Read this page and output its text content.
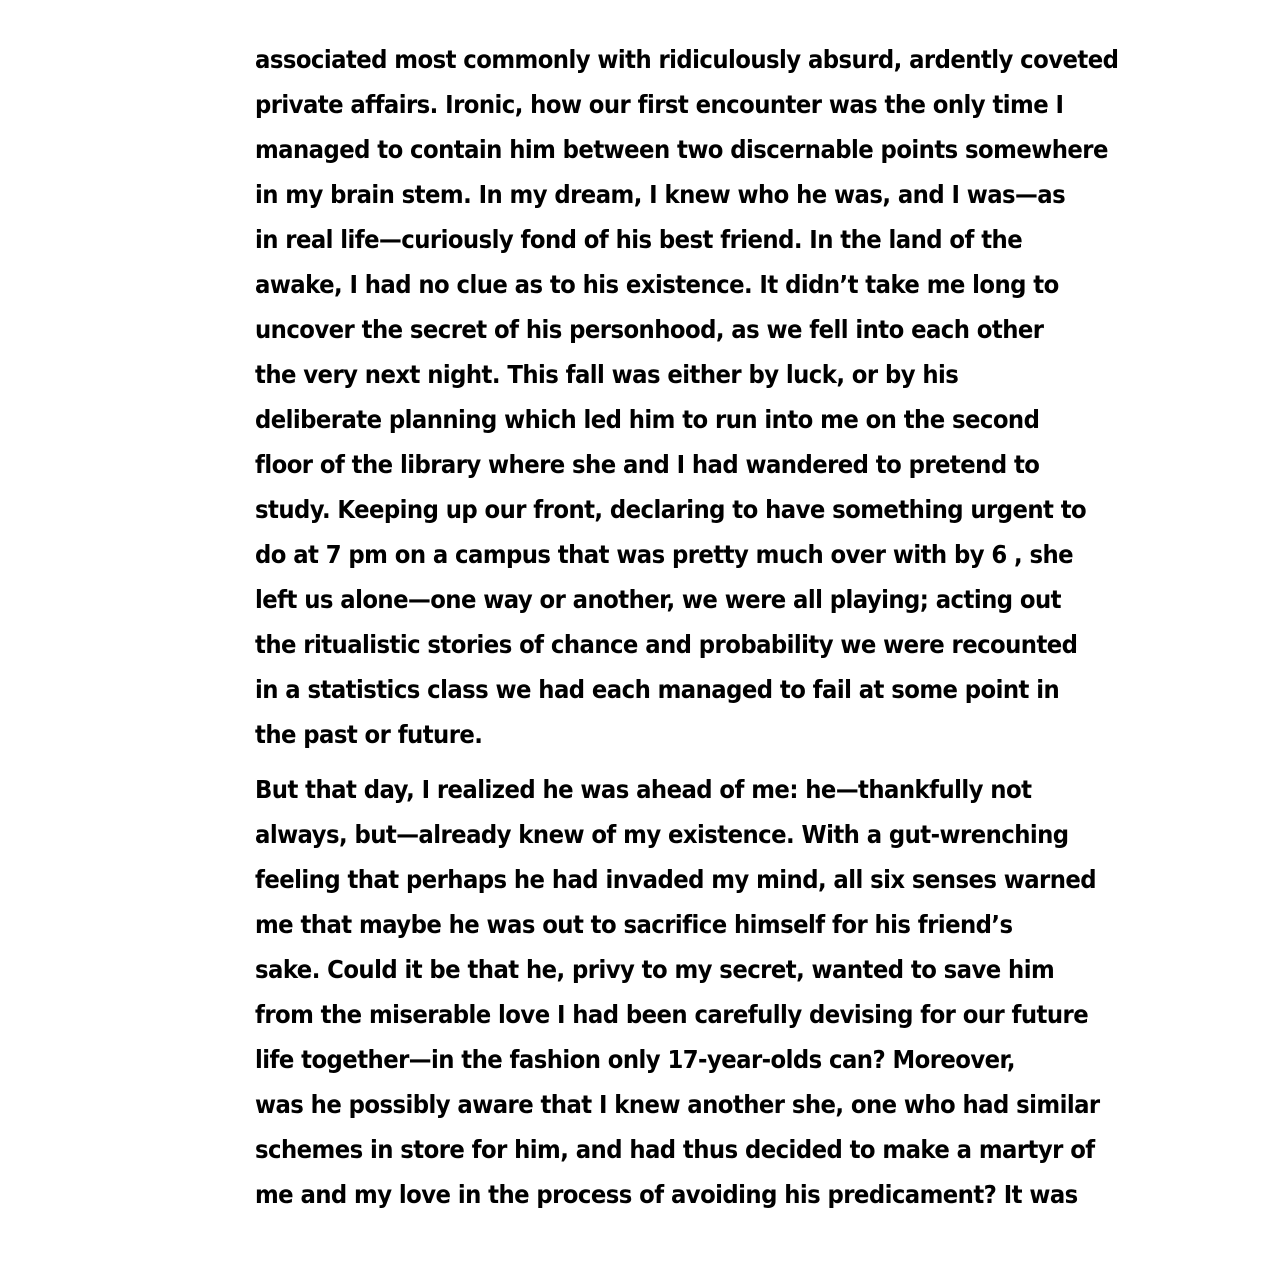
associated most commonly with ridiculously absurd, ardently coveted
private affairs. Ironic, how our first encounter was the only time I
managed to contain him between two discernable points somewhere
in my brain stem. In my dream, I knew who he was, and I was—as
in real life—curiously fond of his best friend. In the land of the
awake, I had no clue as to his existence. It didn’t take me long to
uncover the secret of his personhood, as we fell into each other
the very next night. This fall was either by luck, or by his
deliberate planning which led him to run into me on the second
floor of the library where she and I had wandered to pretend to
study. Keeping up our front, declaring to have something urgent to
do at 7 pm on a campus that was pretty much over with by 6 , she
left us alone—one way or another, we were all playing; acting out
the ritualistic stories of chance and probability we were recounted
in a statistics class we had each managed to fail at some point in
the past or future.

But that day, I realized he was ahead of me: he—thankfully not
always, but—already knew of my existence. With a gut-wrenching
feeling that perhaps he had invaded my mind, all six senses warned
me that maybe he was out to sacrifice himself for his friend’s
sake. Could it be that he, privy to my secret, wanted to save him
from the miserable love I had been carefully devising for our future
life together—in the fashion only 17-year-olds can? Moreover,
was he possibly aware that I knew another she, one who had similar
schemes in store for him, and had thus decided to make a martyr of
me and my love in the process of avoiding his predicament? It was
